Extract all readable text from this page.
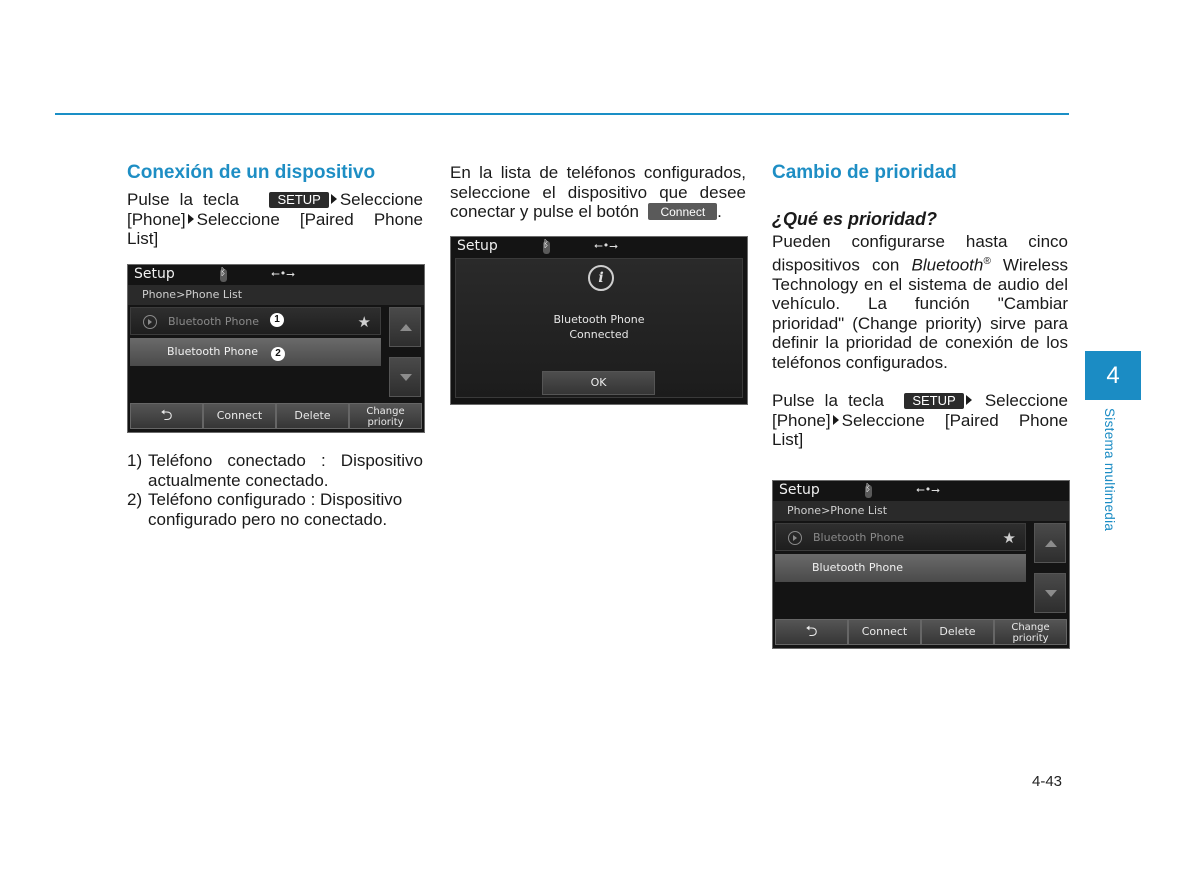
Conexión de un dispositivo
Pulse la tecla	SETUP Seleccione [Phone] Seleccione [Paired Phone List]
Setup ᛒ	⭠•⭢
Phone>Phone List
Bluetooth Phone	★
1
Bluetooth Phone	2
⮌	Connect	Delete	Change
priority
1) Teléfono conectado : Dispositivo actualmente conectado.
2) Teléfono configurado : Dispositivo configurado pero no conectado.
En la lista de teléfonos configurados, seleccione el dispositivo que desee conectar y pulse el botón Connect .
Setup ᛒ	⭠•⭢
i
Bluetooth Phone
Connected
OK
Cambio de prioridad
¿Qué es prioridad?
Pueden configurarse hasta cinco dispositivos con Bluetooth® Wireless Technology en el sistema de audio del vehículo. La función "Cambiar prioridad" (Change priority) sirve para definir la prioridad de conexión de los teléfonos configurados.
Pulse la tecla SETUP Seleccione [Phone] Seleccione [Paired Phone List]
Setup ᛒ	⭠•⭢
Phone>Phone List
Bluetooth Phone	★
Bluetooth Phone
⮌	Connect	Delete	Change
priority
4
Sistema multimedia
4-43
